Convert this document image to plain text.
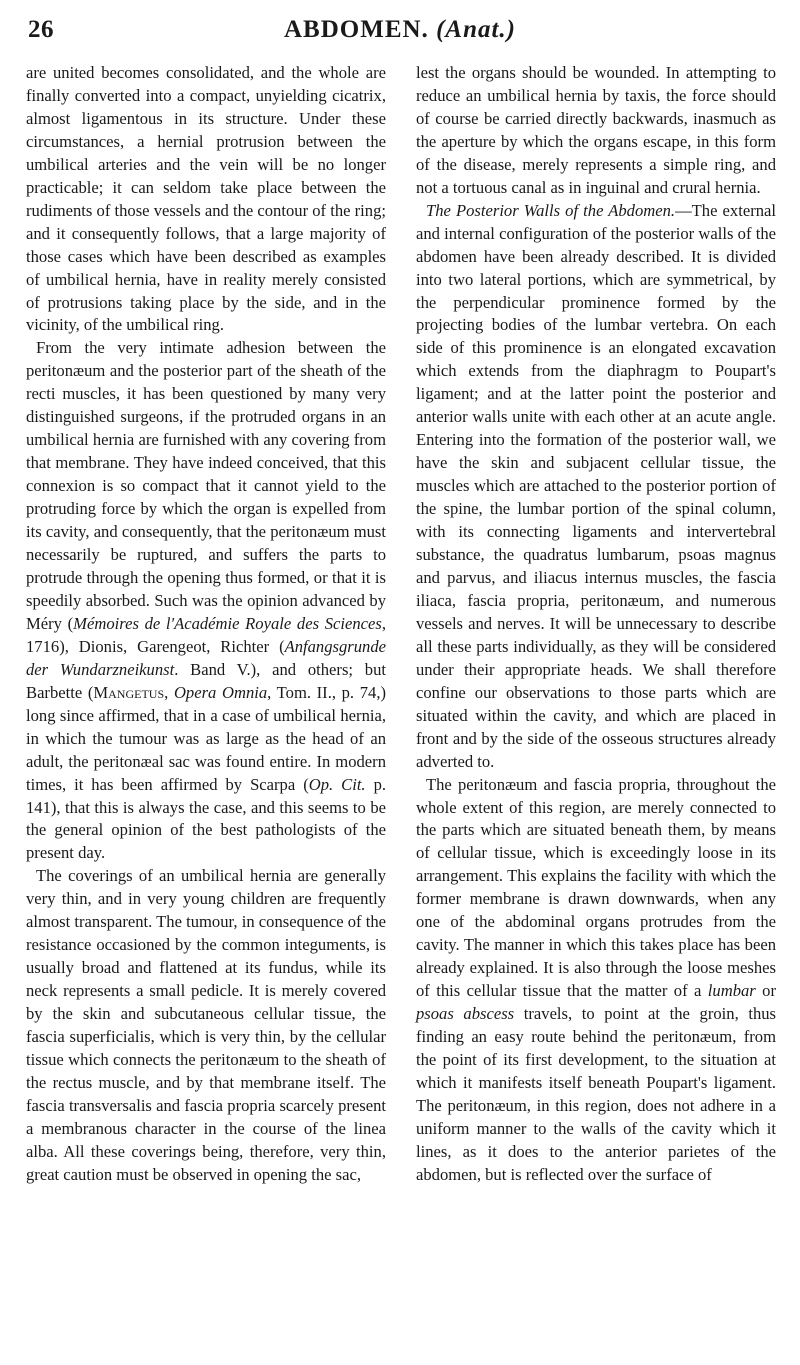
26	ABDOMEN. (Anat.)

are united becomes consolidated, and the whole are finally converted into a compact, unyielding cicatrix, almost ligamentous in its structure. Under these circumstances, a hernial protrusion between the umbilical arteries and the vein will be no longer practicable; it can seldom take place between the rudiments of those vessels and the contour of the ring; and it consequently follows, that a large majority of those cases which have been described as examples of umbilical hernia, have in reality merely consisted of protrusions taking place by the side, and in the vicinity, of the umbilical ring.

From the very intimate adhesion between the peritonæum and the posterior part of the sheath of the recti muscles, it has been questioned by many very distinguished surgeons, if the protruded organs in an umbilical hernia are furnished with any covering from that membrane. They have indeed conceived, that this connexion is so compact that it cannot yield to the protruding force by which the organ is expelled from its cavity, and consequently, that the peritonæum must necessarily be ruptured, and suffers the parts to protrude through the opening thus formed, or that it is speedily absorbed. Such was the opinion advanced by Méry (Mémoires de l'Académie Royale des Sciences, 1716), Dionis, Garengeot, Richter (Anfangsgrunde der Wundarzneikunst. Band V.), and others; but Barbette (Mangetus, Opera Omnia, Tom. II., p. 74,) long since affirmed, that in a case of umbilical hernia, in which the tumour was as large as the head of an adult, the peritonæal sac was found entire. In modern times, it has been affirmed by Scarpa (Op. Cit. p. 141), that this is always the case, and this seems to be the general opinion of the best pathologists of the present day.

The coverings of an umbilical hernia are generally very thin, and in very young children are frequently almost transparent. The tumour, in consequence of the resistance occasioned by the common integuments, is usually broad and flattened at its fundus, while its neck represents a small pedicle. It is merely covered by the skin and subcutaneous cellular tissue, the fascia superficialis, which is very thin, by the cellular tissue which connects the peritonæum to the sheath of the rectus muscle, and by that membrane itself. The fascia transversalis and fascia propria scarcely present a membranous character in the course of the linea alba. All these coverings being, therefore, very thin, great caution must be observed in opening the sac,

lest the organs should be wounded. In attempting to reduce an umbilical hernia by taxis, the force should of course be carried directly backwards, inasmuch as the aperture by which the organs escape, in this form of the disease, merely represents a simple ring, and not a tortuous canal as in inguinal and crural hernia.

The Posterior Walls of the Abdomen.—The external and internal configuration of the posterior walls of the abdomen have been already described. It is divided into two lateral portions, which are symmetrical, by the perpendicular prominence formed by the projecting bodies of the lumbar vertebra. On each side of this prominence is an elongated excavation which extends from the diaphragm to Poupart's ligament; and at the latter point the posterior and anterior walls unite with each other at an acute angle. Entering into the formation of the posterior wall, we have the skin and subjacent cellular tissue, the muscles which are attached to the posterior portion of the spine, the lumbar portion of the spinal column, with its connecting ligaments and intervertebral substance, the quadratus lumbarum, psoas magnus and parvus, and iliacus internus muscles, the fascia iliaca, fascia propria, peritonæum, and numerous vessels and nerves. It will be unnecessary to describe all these parts individually, as they will be considered under their appropriate heads. We shall therefore confine our observations to those parts which are situated within the cavity, and which are placed in front and by the side of the osseous structures already adverted to.

The peritonæum and fascia propria, throughout the whole extent of this region, are merely connected to the parts which are situated beneath them, by means of cellular tissue, which is exceedingly loose in its arrangement. This explains the facility with which the former membrane is drawn downwards, when any one of the abdominal organs protrudes from the cavity. The manner in which this takes place has been already explained. It is also through the loose meshes of this cellular tissue that the matter of a lumbar or psoas abscess travels, to point at the groin, thus finding an easy route behind the peritonæum, from the point of its first development, to the situation at which it manifests itself beneath Poupart's ligament. The peritonæum, in this region, does not adhere in a uniform manner to the walls of the cavity which it lines, as it does to the anterior parietes of the abdomen, but is reflected over the surface of
